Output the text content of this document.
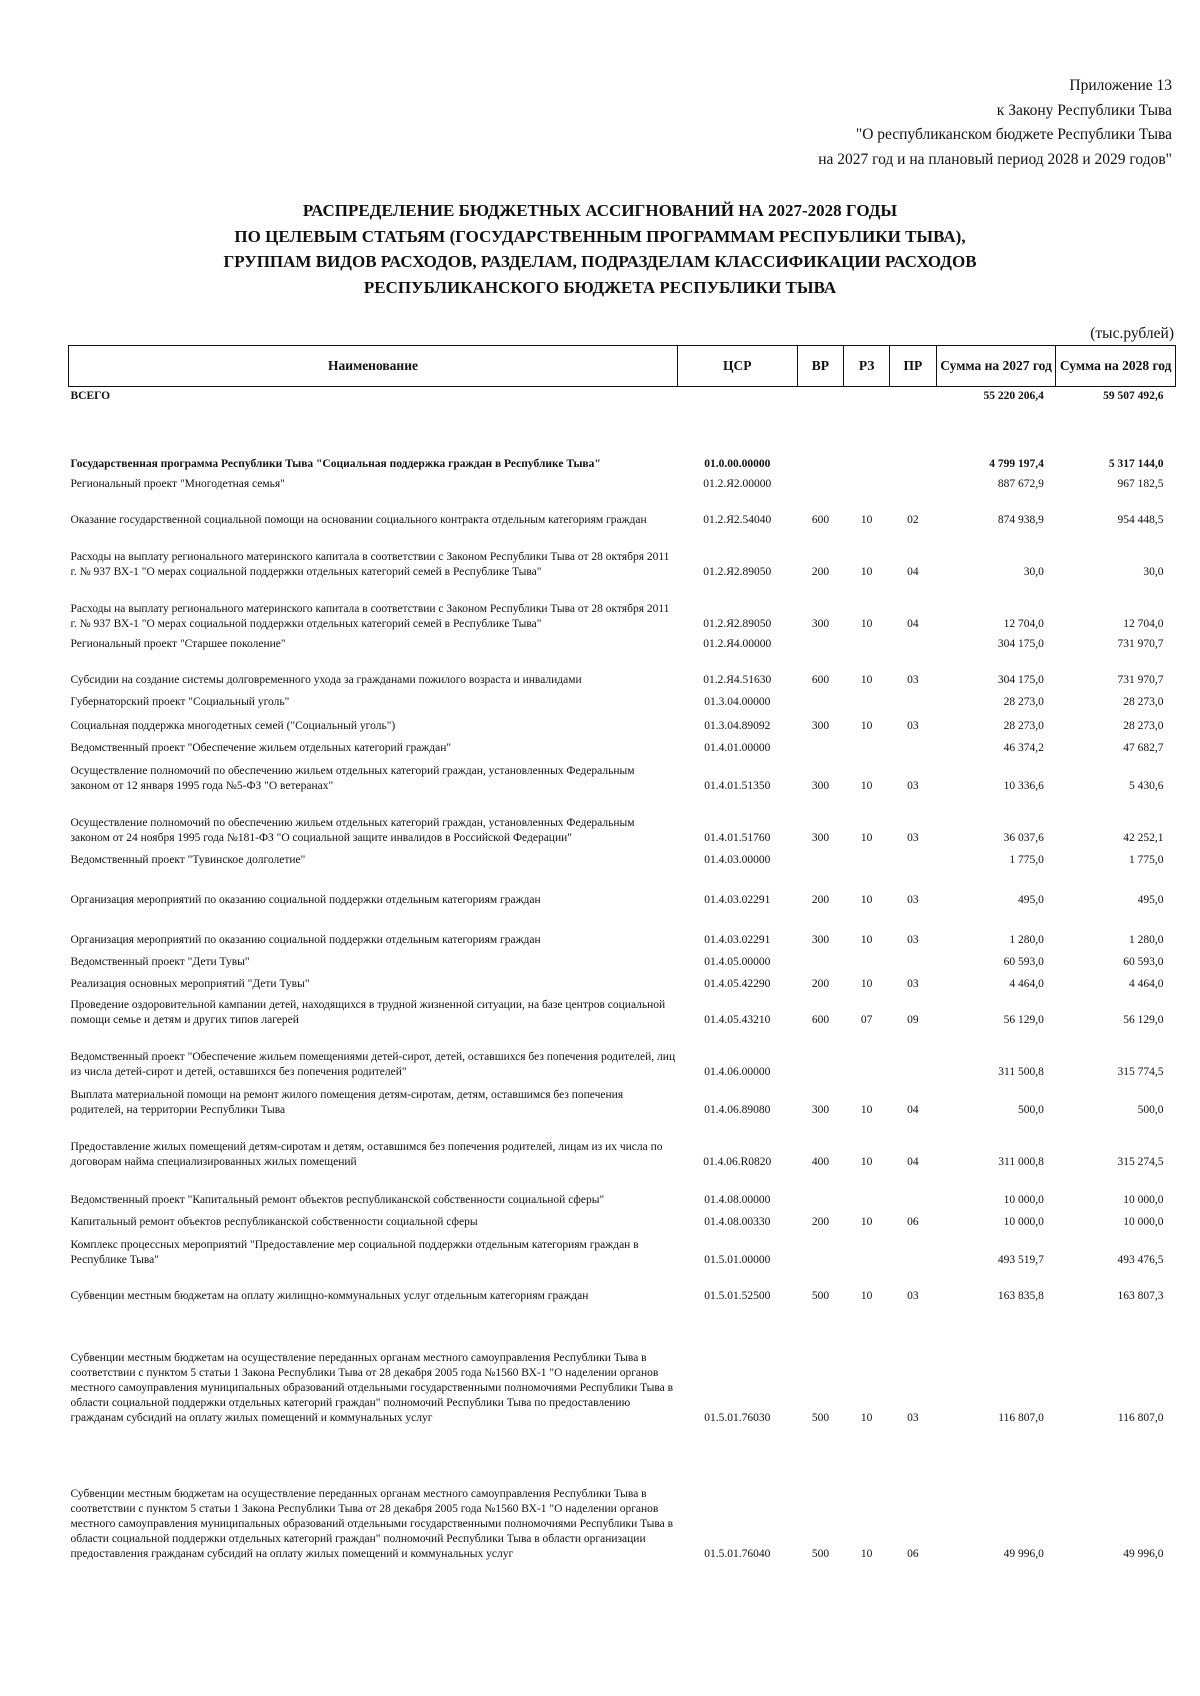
Приложение 13
к Закону Республики Тыва
"О республиканском бюджете Республики Тыва
на 2027 год и на плановый период 2028 и 2029 годов"
РАСПРЕДЕЛЕНИЕ БЮДЖЕТНЫХ АССИГНОВАНИЙ НА 2027-2028 ГОДЫ
ПО ЦЕЛЕВЫМ СТАТЬЯМ (ГОСУДАРСТВЕННЫМ ПРОГРАММАМ РЕСПУБЛИКИ ТЫВА),
ГРУППАМ ВИДОВ РАСХОДОВ, РАЗДЕЛАМ, ПОДРАЗДЕЛАМ КЛАССИФИКАЦИИ РАСХОДОВ
РЕСПУБЛИКАНСКОГО БЮДЖЕТА РЕСПУБЛИКИ ТЫВА
(тыс.рублей)
Наименование	ЦСР	ВР	РЗ	ПР	Сумма на 2027 год	Сумма на 2028 год
ВСЕГО					55 220 206,4	59 507 492,6
Государственная программа Республики Тыва "Социальная поддержка граждан в Республике Тыва"	01.0.00.00000				4 799 197,4	5 317 144,0
Региональный проект "Многодетная семья"	01.2.Я2.00000				887 672,9	967 182,5
Оказание государственной социальной помощи на основании социального контракта отдельным категориям граждан	01.2.Я2.54040	600	10	02	874 938,9	954 448,5
Расходы на выплату регионального материнского капитала в соответствии с Законом Республики Тыва от 28 октября 2011 г. № 937 ВХ-1 "О мерах социальной поддержки отдельных категорий семей в Республике Тыва"	01.2.Я2.89050	200	10	04	30,0	30,0
Расходы на выплату регионального материнского капитала в соответствии с Законом Республики Тыва от 28 октября 2011 г. № 937 ВХ-1 "О мерах социальной поддержки отдельных категорий семей в Республике Тыва"	01.2.Я2.89050	300	10	04	12 704,0	12 704,0
Региональный проект "Старшее поколение"	01.2.Я4.00000				304 175,0	731 970,7
Субсидии на создание системы долговременного ухода за гражданами пожилого возраста и инвалидами	01.2.Я4.51630	600	10	03	304 175,0	731 970,7
Губернаторский проект "Социальный уголь"	01.3.04.00000				28 273,0	28 273,0
Социальная поддержка многодетных семей ("Социальный уголь")	01.3.04.89092	300	10	03	28 273,0	28 273,0
Ведомственный проект "Обеспечение жильем отдельных категорий граждан"	01.4.01.00000				46 374,2	47 682,7
Осуществление полномочий по обеспечению жильем отдельных категорий граждан, установленных Федеральным законом от 12 января 1995 года №5-ФЗ "О ветеранах"	01.4.01.51350	300	10	03	10 336,6	5 430,6
Осуществление полномочий по обеспечению жильем отдельных категорий граждан, установленных Федеральным законом от 24 ноября 1995 года №181-ФЗ "О социальной защите инвалидов в Российской Федерации"	01.4.01.51760	300	10	03	36 037,6	42 252,1
Ведомственный проект "Тувинское долголетие"	01.4.03.00000				1 775,0	1 775,0
Организация мероприятий по оказанию социальной поддержки отдельным категориям граждан	01.4.03.02291	200	10	03	495,0	495,0
Организация мероприятий по оказанию социальной поддержки отдельным категориям граждан	01.4.03.02291	300	10	03	1 280,0	1 280,0
Ведомственный проект "Дети Тувы"	01.4.05.00000				60 593,0	60 593,0
Реализация основных мероприятий "Дети Тувы"	01.4.05.42290	200	10	03	4 464,0	4 464,0
Проведение оздоровительной кампании детей, находящихся в трудной жизненной ситуации, на базе центров социальной помощи семье и детям и других типов лагерей	01.4.05.43210	600	07	09	56 129,0	56 129,0
Ведомственный проект "Обеспечение жильем помещениями детей-сирот, детей, оставшихся без попечения родителей, лиц из числа детей-сирот и детей, оставшихся без попечения родителей"	01.4.06.00000				311 500,8	315 774,5
Выплата материальной помощи на ремонт жилого помещения детям-сиротам, детям, оставшимся без попечения родителей, на территории Республики Тыва	01.4.06.89080	300	10	04	500,0	500,0
Предоставление жилых помещений детям-сиротам и детям, оставшимся без попечения родителей, лицам из их числа по договорам найма специализированных жилых помещений	01.4.06.R0820	400	10	04	311 000,8	315 274,5
Ведомственный проект "Капитальный ремонт объектов республиканской собственности социальной сферы"	01.4.08.00000				10 000,0	10 000,0
Капитальный ремонт объектов республиканской собственности социальной сферы	01.4.08.00330	200	10	06	10 000,0	10 000,0
Комплекс процессных мероприятий "Предоставление мер социальной поддержки отдельным категориям граждан в Республике Тыва"	01.5.01.00000				493 519,7	493 476,5
Субвенции местным бюджетам на оплату жилищно-коммунальных услуг отдельным категориям граждан	01.5.01.52500	500	10	03	163 835,8	163 807,3
Субвенции местным бюджетам на осуществление переданных органам местного самоуправления Республики Тыва в соответствии с пунктом 5 статьи 1 Закона Республики Тыва от 28 декабря 2005 года №1560 ВХ-1 "О наделении органов местного самоуправления муниципальных образований отдельными государственными полномочиями Республики Тыва в области социальной поддержки отдельных категорий граждан" полномочий Республики Тыва по предоставлению гражданам субсидий на оплату жилых помещений и коммунальных услуг	01.5.01.76030	500	10	03	116 807,0	116 807,0
Субвенции местным бюджетам на осуществление переданных органам местного самоуправления Республики Тыва в соответствии с пунктом 5 статьи 1 Закона Республики Тыва от 28 декабря 2005 года №1560 ВХ-1 "О наделении органов местного самоуправления муниципальных образований отдельными государственными полномочиями Республики Тыва в области социальной поддержки отдельных категорий граждан" полномочий Республики Тыва в области организации предоставления гражданам субсидий на оплату жилых помещений и коммунальных услуг	01.5.01.76040	500	10	06	49 996,0	49 996,0
